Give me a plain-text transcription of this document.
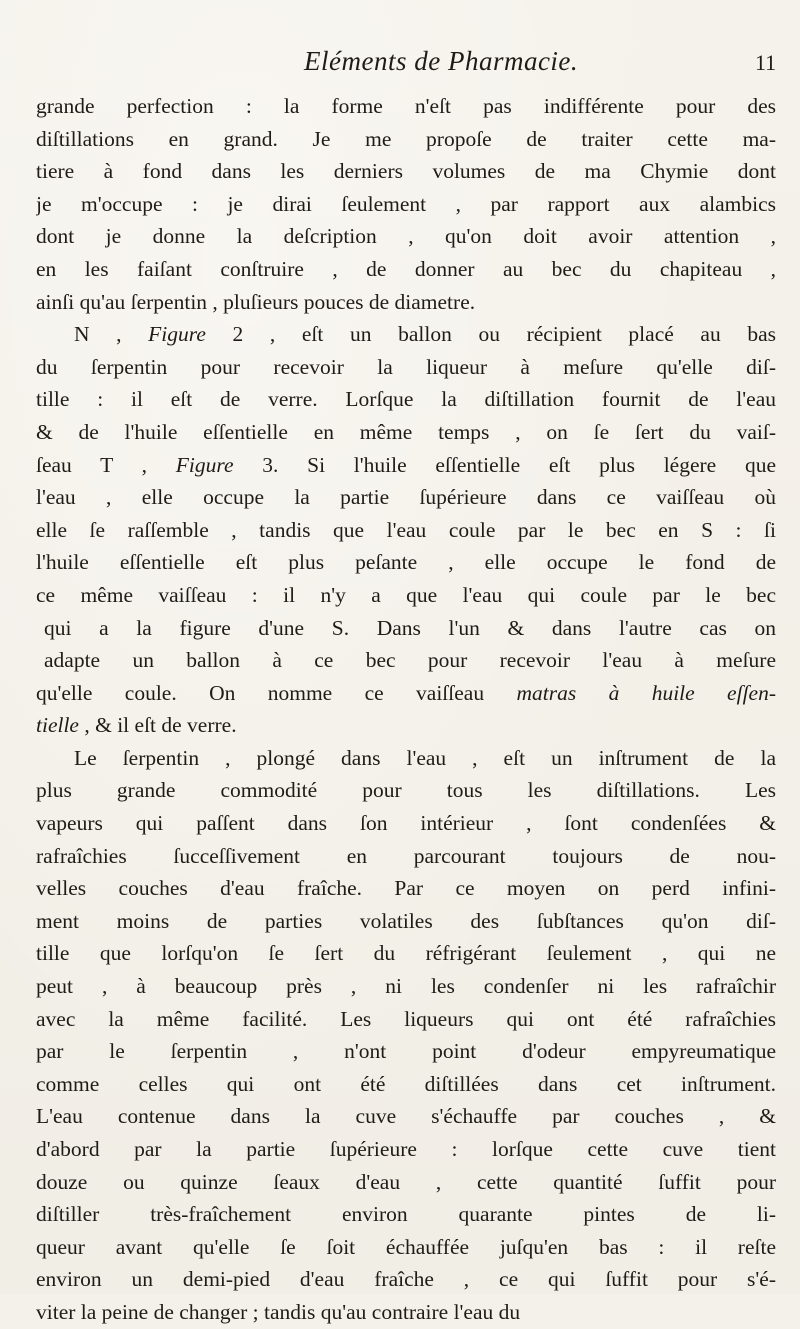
Eléments de Pharmacie.	11
grande perfection : la forme n'eſt pas indifférente pour des
diſtillations en grand. Je me propoſe de traiter cette ma-
tiere à fond dans les derniers volumes de ma Chymie dont
je m'occupe : je dirai ſeulement , par rapport aux alambics
dont je donne la deſcription , qu'on doit avoir attention ,
en les faiſant conſtruire , de donner au bec du chapiteau ,
ainſi qu'au ſerpentin , pluſieurs pouces de diametre.
N , Figure 2 , eſt un ballon ou récipient placé au bas
du ſerpentin pour recevoir la liqueur à meſure qu'elle diſ-
tille : il eſt de verre. Lorſque la diſtillation fournit de l'eau
& de l'huile eſſentielle en même temps , on ſe ſert du vaiſ-
ſeau T , Figure 3. Si l'huile eſſentielle eſt plus légere que
l'eau , elle occupe la partie ſupérieure dans ce vaiſſeau où
elle ſe raſſemble , tandis que l'eau coule par le bec en S : ſi
l'huile eſſentielle eſt plus peſante , elle occupe le fond de
ce même vaiſſeau : il n'y a que l'eau qui coule par le bec
qui a la figure d'une S. Dans l'un & dans l'autre cas on
adapte un ballon à ce bec pour recevoir l'eau à meſure
qu'elle coule. On nomme ce vaiſſeau matras à huile eſſen-
tielle , & il eſt de verre.
Le ſerpentin , plongé dans l'eau , eſt un inſtrument de la
plus grande commodité pour tous les diſtillations. Les
vapeurs qui paſſent dans ſon intérieur , ſont condenſées &
rafraîchies ſucceſſivement en parcourant toujours de nou-
velles couches d'eau fraîche. Par ce moyen on perd infini-
ment moins de parties volatiles des ſubſtances qu'on diſ-
tille que lorſqu'on ſe ſert du réfrigérant ſeulement , qui ne
peut , à beaucoup près , ni les condenſer ni les rafraîchir
avec la même facilité. Les liqueurs qui ont été rafraîchies
par le ſerpentin , n'ont point d'odeur empyreumatique
comme celles qui ont été diſtillées dans cet inſtrument.
L'eau contenue dans la cuve s'échauffe par couches , &
d'abord par la partie ſupérieure : lorſque cette cuve tient
douze ou quinze ſeaux d'eau , cette quantité ſuffit pour
diſtiller très-fraîchement environ quarante pintes de li-
queur avant qu'elle ſe ſoit échauffée juſqu'en bas : il reſte
environ un demi-pied d'eau fraîche , ce qui ſuffit pour s'é-
viter la peine de changer ; tandis qu'au contraire l'eau du
